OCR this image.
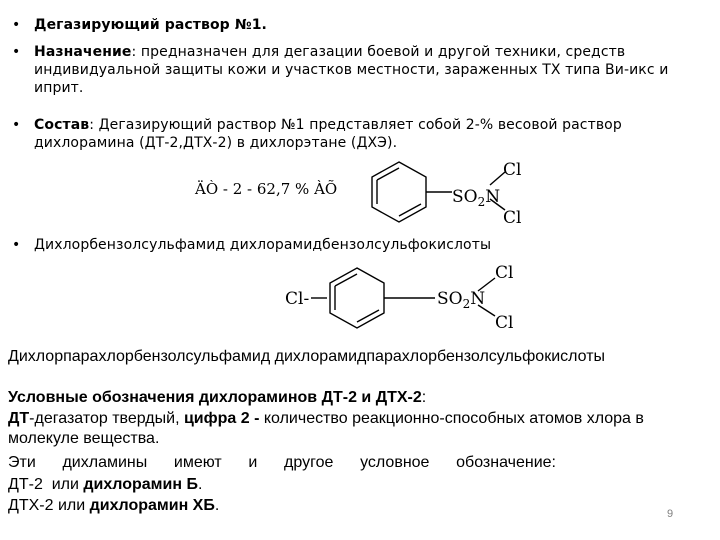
• Дегазирующий раствор №1.
• Назначение: предназначен для дегазации боевой и другой техники, средств индивидуальной защиты кожи и участков местности, зараженных ТХ типа Ви-икс и иприт.
• Состав: Дегазирующий раствор №1 представляет собой 2-% весовой раствор дихлорамина (ДТ-2,ДТХ-2) в дихлорэтане (ДХЭ).
ÄÒ - 2 - 62,7 % ÀÕ	$SO_2N$
Cl
Cl
• Дихлорбензолсульфамид дихлорамидбензолсульфокислоты
Cl-	$SO_2N$
Cl
Cl
Дихлорпарахлорбензолсульфамид дихлорамидпарахлорбензолсульфокислоты
Условные обозначения дихлораминов ДТ-2 и ДТХ-2:
ДТ-дегазатор твердый, цифра 2 - количество реакционно-способных атомов хлора в молекуле вещества.
Эти дихламины имеют и другое условное обозначение:
ДТ-2  или дихлорамин Б.
ДТХ-2 или дихлорамин ХБ.	9
